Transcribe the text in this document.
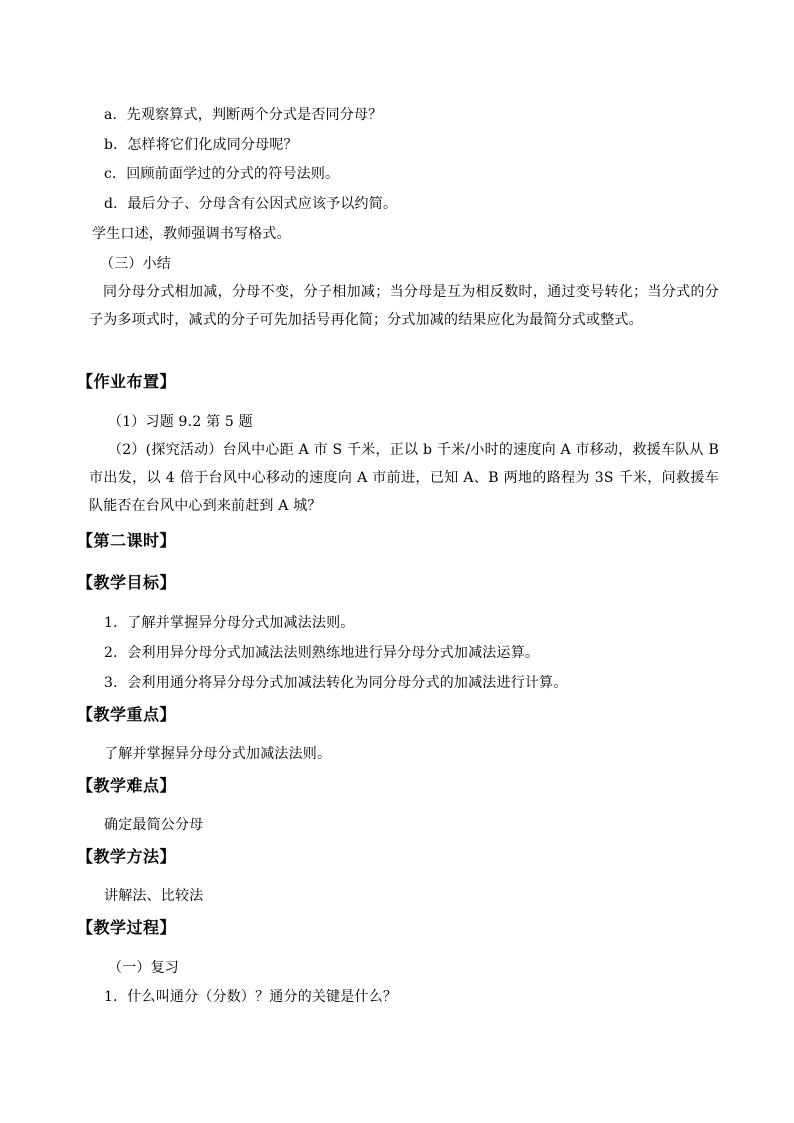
a．先观察算式，判断两个分式是否同分母？
b．怎样将它们化成同分母呢？
c．回顾前面学过的分式的符号法则。
d．最后分子、分母含有公因式应该予以约简。
学生口述，教师强调书写格式。
（三）小结
同分母分式相加减，分母不变，分子相加减；当分母是互为相反数时，通过变号转化；当分式的分子为多项式时，减式的分子可先加括号再化简；分式加减的结果应化为最简分式或整式。
【作业布置】
（1）习题 9.2 第 5 题
（2）(探究活动）台风中心距 A 市 S 千米，正以 b 千米/小时的速度向 A 市移动，救援车队从 B 市出发，以 4 倍于台风中心移动的速度向 A 市前进，已知 A、B 两地的路程为 3S 千米，问救援车队能否在台风中心到来前赶到 A 城？
【第二课时】
【教学目标】
1．了解并掌握异分母分式加减法法则。
2．会利用异分母分式加减法法则熟练地进行异分母分式加减法运算。
3．会利用通分将异分母分式加减法转化为同分母分式的加减法进行计算。
【教学重点】
了解并掌握异分母分式加减法法则。
【教学难点】
确定最简公分母
【教学方法】
讲解法、比较法
【教学过程】
（一）复习
1．什么叫通分（分数）？通分的关键是什么？
